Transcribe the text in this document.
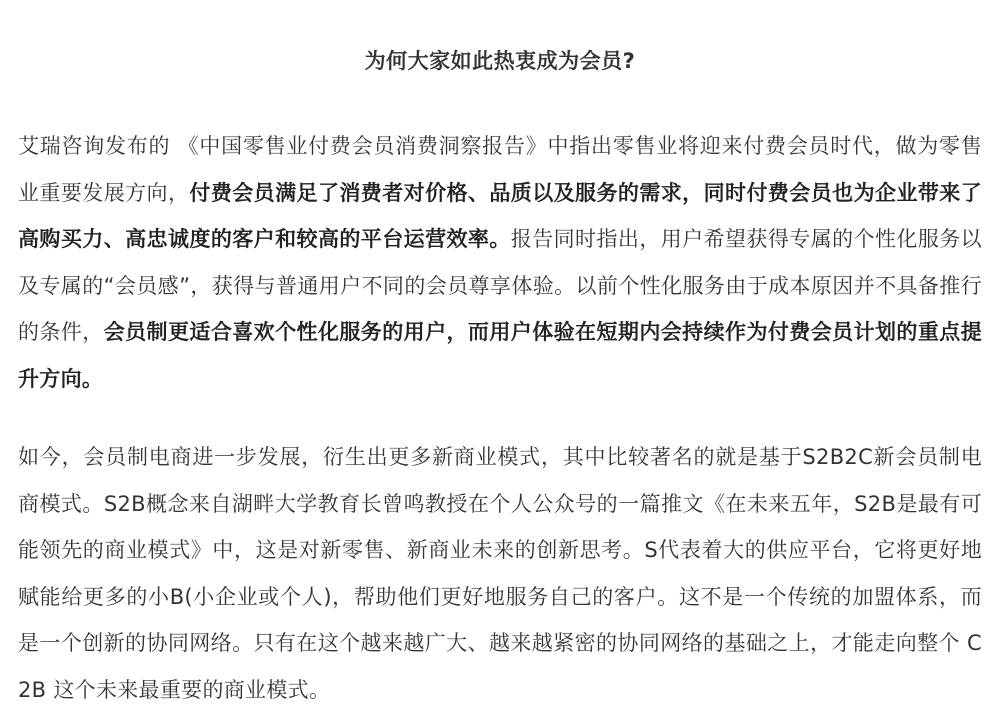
为何大家如此热衷成为会员?

艾瑞咨询发布的 《中国零售业付费会员消费洞察报告》中指出零售业将迎来付费会员时代，做为零售业重要发展方向，付费会员满足了消费者对价格、品质以及服务的需求，同时付费会员也为企业带来了高购买力、高忠诚度的客户和较高的平台运营效率。报告同时指出，用户希望获得专属的个性化服务以及专属的“会员感”，获得与普通用户不同的会员尊享体验。以前个性化服务由于成本原因并不具备推行的条件，会员制更适合喜欢个性化服务的用户，而用户体验在短期内会持续作为付费会员计划的重点提升方向。

如今，会员制电商进一步发展，衍生出更多新商业模式，其中比较著名的就是基于S2B2C新会员制电商模式。S2B概念来自湖畔大学教育长曾鸣教授在个人公众号的一篇推文《在未来五年，S2B是最有可能领先的商业模式》中，这是对新零售、新商业未来的创新思考。S代表着大的供应平台，它将更好地赋能给更多的小B(小企业或个人)，帮助他们更好地服务自己的客户。这不是一个传统的加盟体系，而是一个创新的协同网络。只有在这个越来越广大、越来越紧密的协同网络的基础之上，才能走向整个 C2B 这个未来最重要的商业模式。
